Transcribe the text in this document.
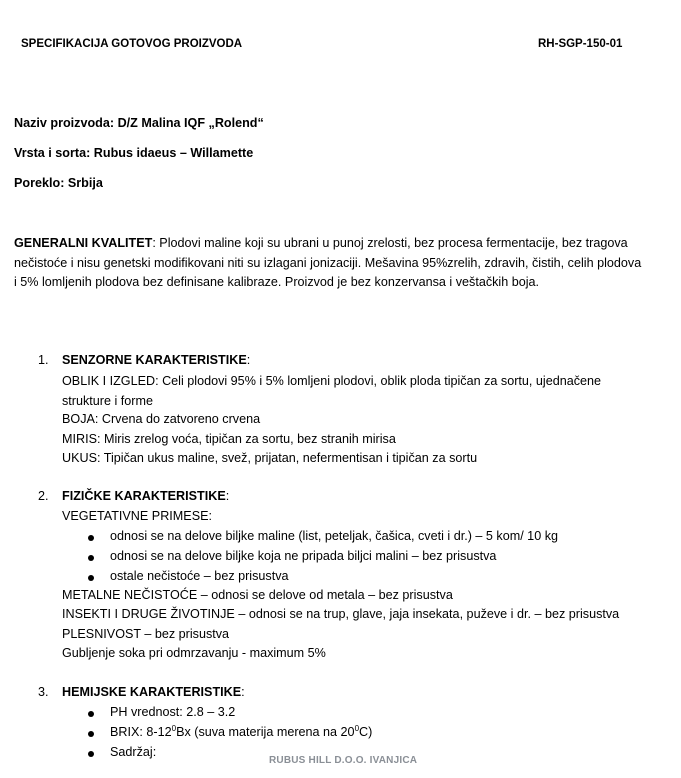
SPECIFIKACIJA GOTOVOG PROIZVODA	RH-SGP-150-01
Naziv proizvoda: D/Z Malina IQF „Rolend“
Vrsta i sorta: Rubus idaeus – Willamette
Poreklo: Srbija
GENERALNI KVALITET: Plodovi maline koji su ubrani u punoj zrelosti, bez procesa fermentacije, bez tragova nečistoće i nisu genetski modifikovani niti su izlagani jonizaciji. Mešavina 95%zrelih, zdravih, čistih, celih plodova i 5% lomljenih plodova bez definisane kalibraze. Proizvod je bez konzervansa i veštačkih boja.
1. SENZORNE KARAKTERISTIKE:
OBLIK I IZGLED: Celi plodovi 95% i 5% lomljeni plodovi, oblik ploda tipičan za sortu, ujednačene strukture i forme
BOJA: Crvena do zatvoreno crvena
MIRIS: Miris zrelog voća, tipičan za sortu, bez stranih mirisa
UKUS: Tipičan ukus maline, svež, prijatan, nefermentisan i tipičan za sortu
2. FIZIČKE KARAKTERISTIKE:
VEGETATIVNE PRIMESE:
odnosi se na delove biljke maline (list, peteljak, čašica, cveti i dr.) – 5 kom/ 10 kg
odnosi se na delove biljke koja ne pripada biljci malini – bez prisustva
ostale nečistoće – bez prisustva
METALNE NEČISTOĆE – odnosi se delove od metala – bez prisustva
INSEKTI I DRUGE ŽIVOTINJE – odnosi se na trup, glave, jaja insekata, puževe i dr. – bez prisustva
PLESNIVOST – bez prisustva
Gubljenje soka pri odmrzavanju - maximum 5%
3. HEMIJSKE KARAKTERISTIKE:
PH vrednost: 2.8 – 3.2
BRIX: $8-12^0Bx$ (suva materija merena na $20^0C$)
Sadržaj:
RUBUS HILL D.O.O. IVANJICA
